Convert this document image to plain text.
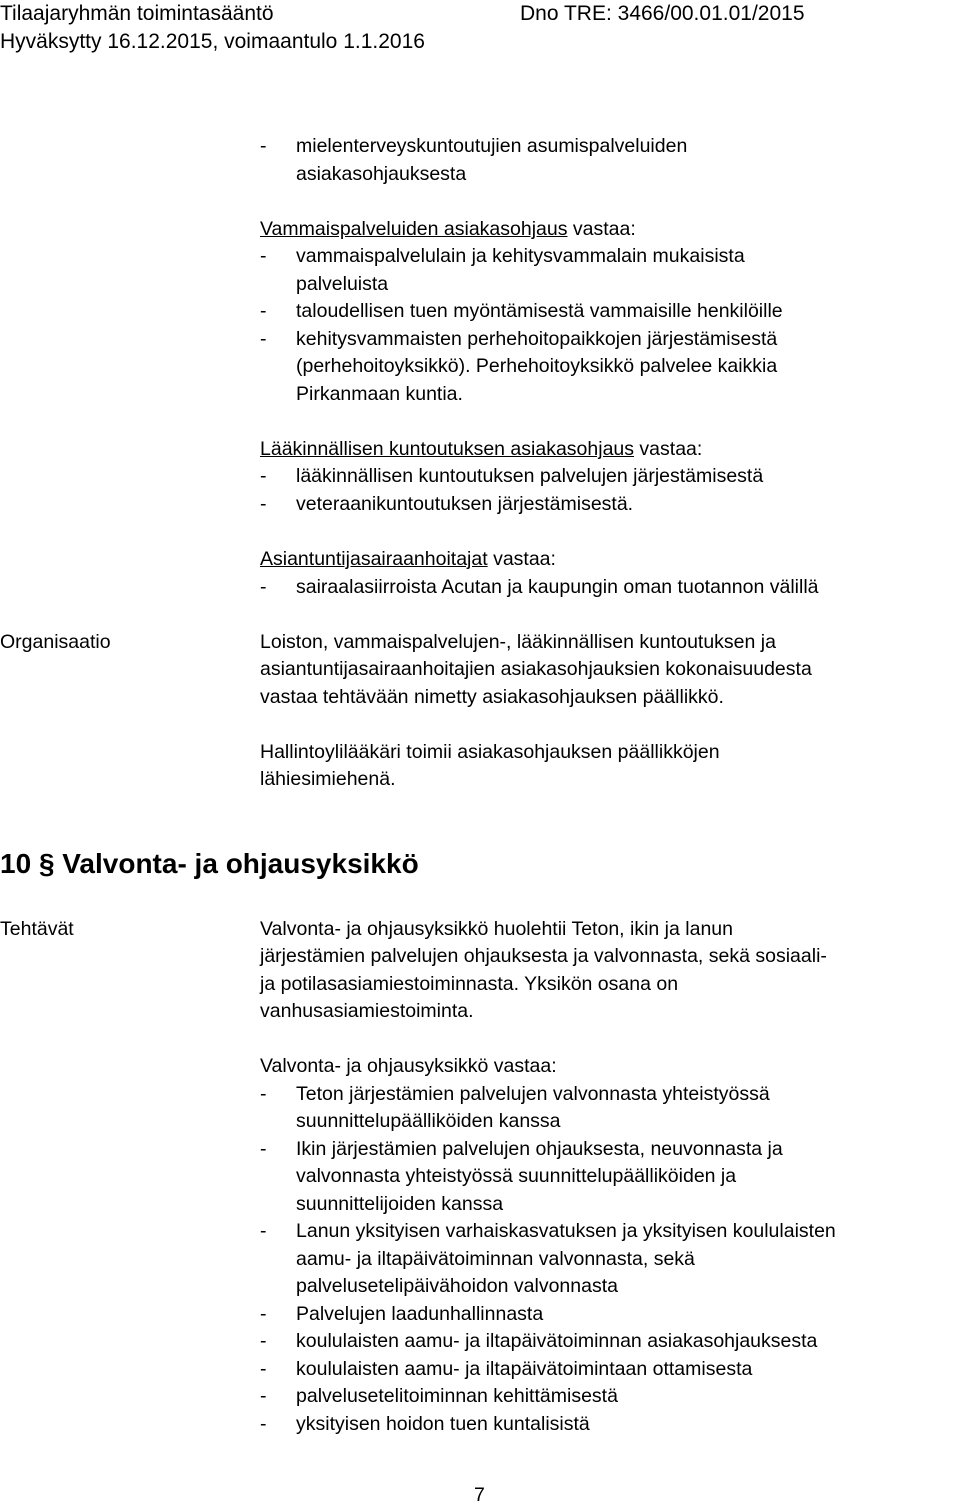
Tilaajaryhmän toimintasääntö
Hyväksytty 16.12.2015, voimaantulo 1.1.2016
Dno TRE: 3466/00.01.01/2015
- mielenterveyskuntoutujien asumispalveluiden
asiakasohjauksesta
Vammaispalveluiden asiakasohjaus vastaa:
- vammaispalvelulain ja kehitysvammalain mukaisista
palveluista
- taloudellisen tuen myöntämisestä vammaisille henkilöille
- kehitysvammaisten perhehoitopaikkojen järjestämisestä
(perhehoitoyksikkö). Perhehoitoyksikkö palvelee kaikkia
Pirkanmaan kuntia.
Lääkinnällisen kuntoutuksen asiakasohjaus vastaa:
- lääkinnällisen kuntoutuksen palvelujen järjestämisestä
- veteraanikuntoutuksen järjestämisestä.
Asiantuntijasairaanhoitajat vastaa:
- sairaalasiirroista Acutan ja kaupungin oman tuotannon välillä
Organisaatio	Loiston, vammaispalvelujen-, lääkinnällisen kuntoutuksen ja
asiantuntijasairaanhoitajien asiakasohjauksien kokonaisuudesta
vastaa tehtävään nimetty asiakasohjauksen päällikkö.
Hallintoylilääkäri toimii asiakasohjauksen päällikköjen
lähiesimiehenä.
10 § Valvonta- ja ohjausyksikkö
Tehtävät	Valvonta- ja ohjausyksikkö huolehtii Teton, ikin ja lanun
järjestämien palvelujen ohjauksesta ja valvonnasta, sekä sosiaali-
ja potilasasiamiestoiminnasta. Yksikön osana on
vanhusasiamiestoiminta.
Valvonta- ja ohjausyksikkö vastaa:
- Teton järjestämien palvelujen valvonnasta yhteistyössä
suunnittelupäälliköiden kanssa
- Ikin järjestämien palvelujen ohjauksesta, neuvonnasta ja
valvonnasta yhteistyössä suunnittelupäälliköiden ja
suunnittelijoiden kanssa
- Lanun yksityisen varhaiskasvatuksen ja yksityisen koululaisten
aamu- ja iltapäivätoiminnan valvonnasta, sekä
palvelusetelipäivähoidon valvonnasta
- Palvelujen laadunhallinnasta
- koululaisten aamu- ja iltapäivätoiminnan asiakasohjauksesta
- koululaisten aamu- ja iltapäivätoimintaan ottamisesta
- palvelusetelitoiminnan kehittämisestä
- yksityisen hoidon tuen kuntalisistä
7
